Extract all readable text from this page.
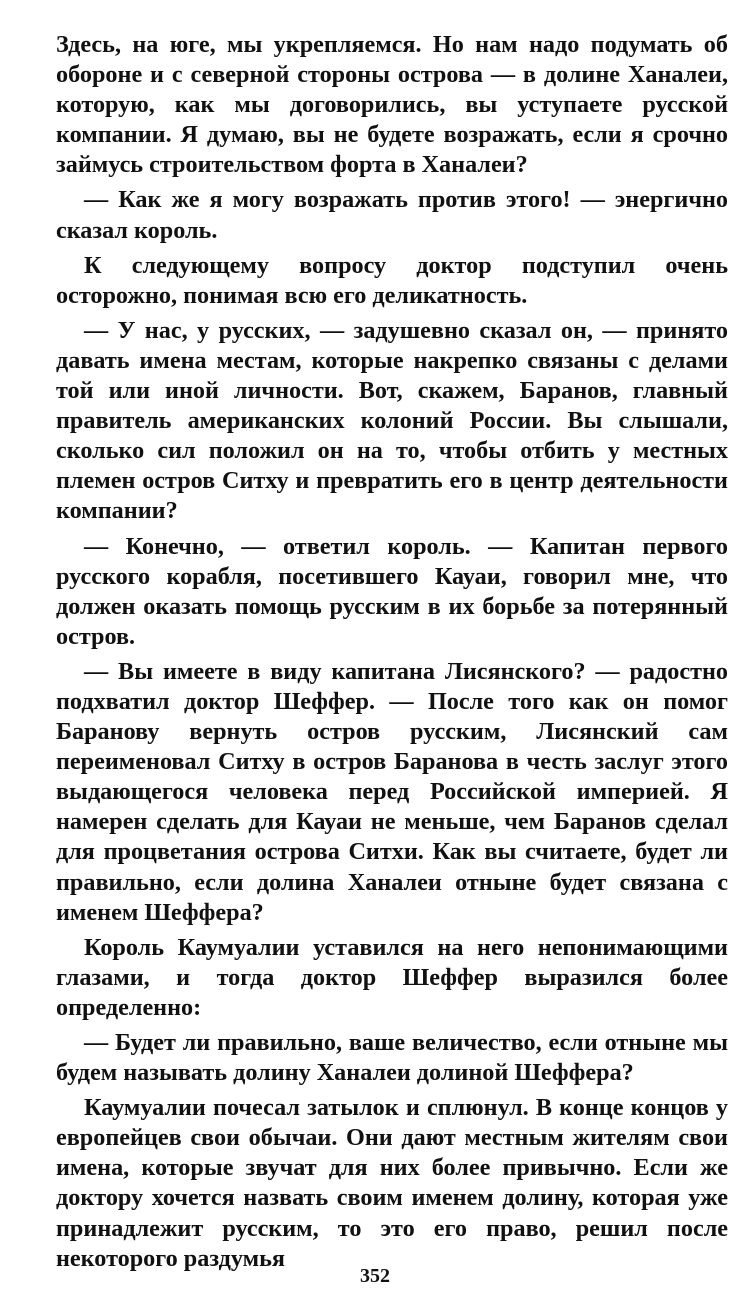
Здесь, на юге, мы укрепляемся. Но нам надо подумать об обороне и с северной стороны острова — в долине Ханалеи, которую, как мы договорились, вы уступаете русской компании. Я думаю, вы не будете возражать, если я срочно займусь строительством форта в Ханалеи?

— Как же я могу возражать против этого! — энергично сказал король.

К следующему вопросу доктор подступил очень осторожно, понимая всю его деликатность.

— У нас, у русских, — задушевно сказал он, — принято давать имена местам, которые накрепко связаны с делами той или иной личности. Вот, скажем, Баранов, главный правитель американских колоний России. Вы слышали, сколько сил положил он на то, чтобы отбить у местных племен остров Ситху и превратить его в центр деятельности компании?

— Конечно, — ответил король. — Капитан первого русского корабля, посетившего Кауаи, говорил мне, что должен оказать помощь русским в их борьбе за потерянный остров.

— Вы имеете в виду капитана Лисянского? — радостно подхватил доктор Шеффер. — После того как он помог Баранову вернуть остров русским, Лисянский сам переименовал Ситху в остров Баранова в честь заслуг этого выдающегося человека перед Российской империей. Я намерен сделать для Кауаи не меньше, чем Баранов сделал для процветания острова Ситхи. Как вы считаете, будет ли правильно, если долина Ханалеи отныне будет связана с именем Шеффера?

Король Каумуалии уставился на него непонимающими глазами, и тогда доктор Шеффер выразился более определенно:

— Будет ли правильно, ваше величество, если отныне мы будем называть долину Ханалеи долиной Шеффера?

Каумуалии почесал затылок и сплюнул. В конце концов у европейцев свои обычаи. Они дают местным жителям свои имена, которые звучат для них более привычно. Если же доктору хочется назвать своим именем долину, которая уже принадлежит русским, то это его право, решил после некоторого раздумья

352
